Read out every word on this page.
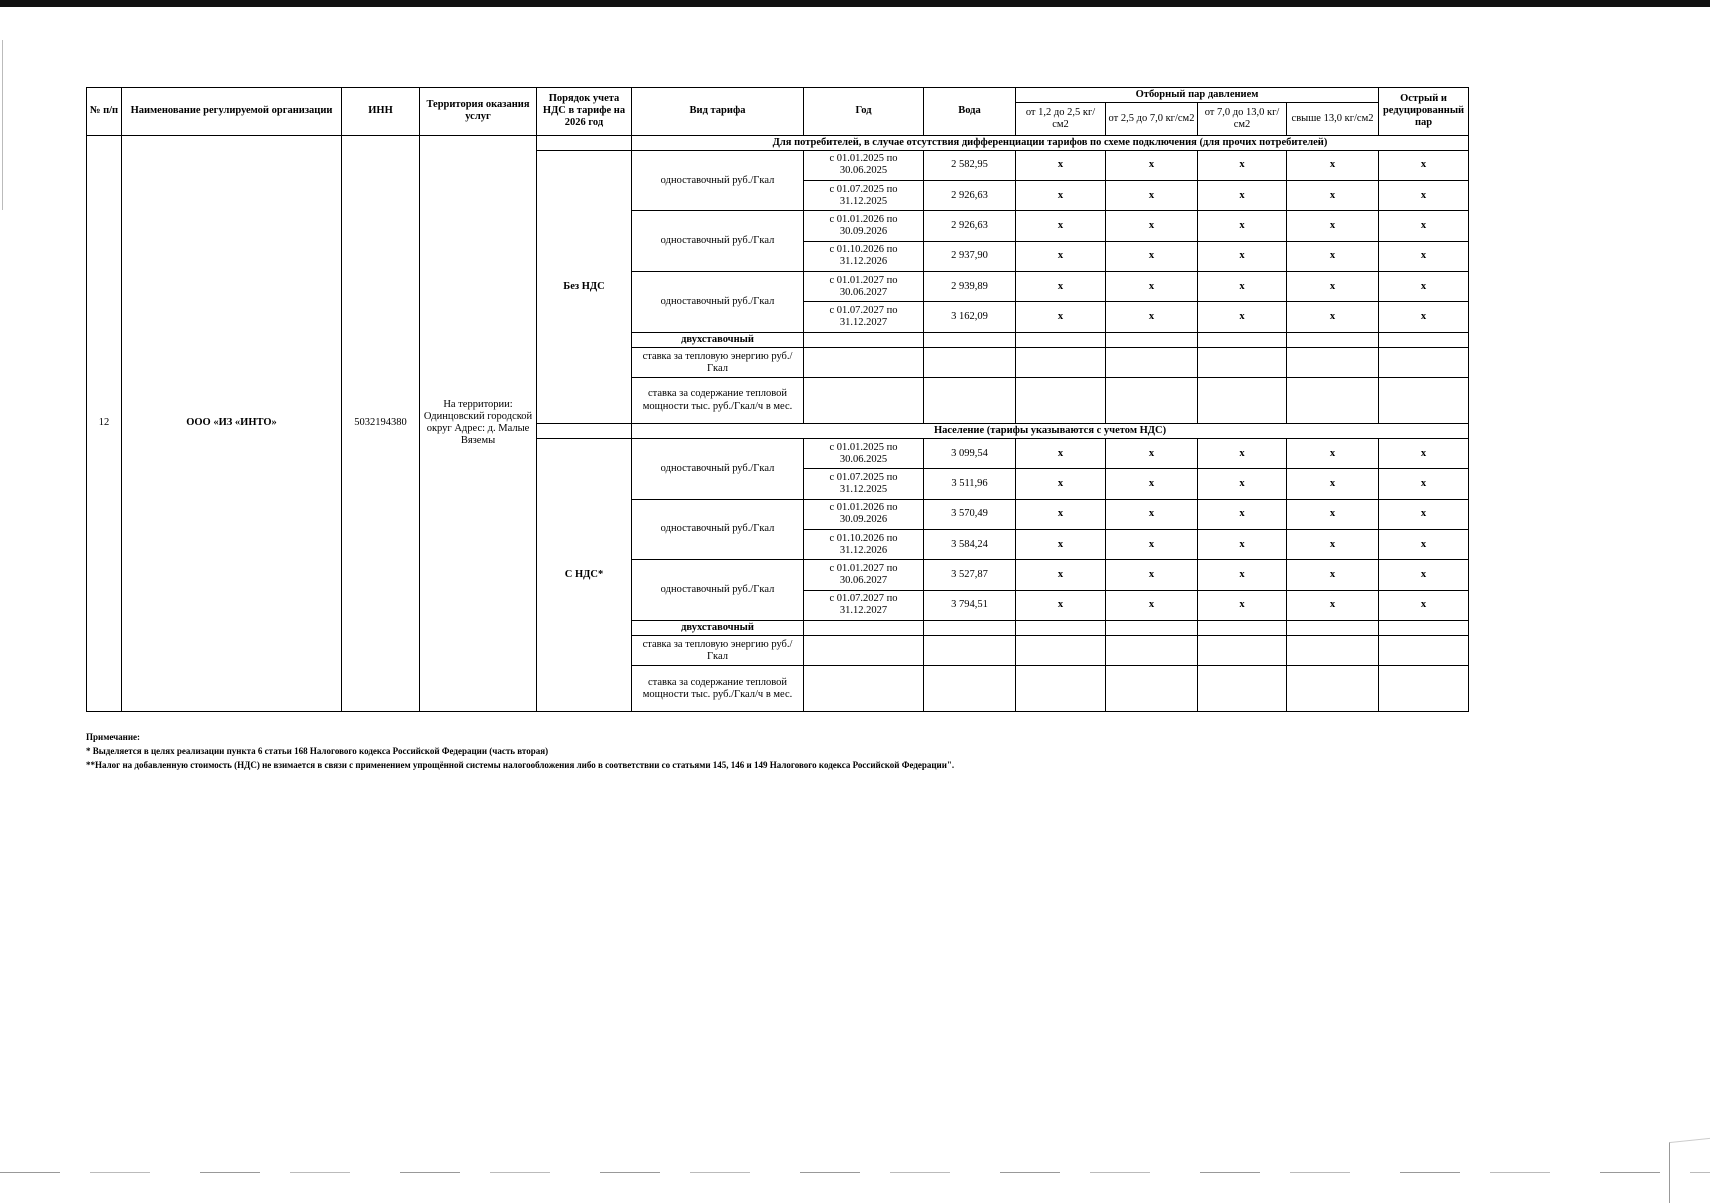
№ п/п	Наименование регулируемой организации	ИНН	Территория оказания услуг	Порядок учета НДС в тарифе на 2026 год	Вид тарифа	Год	Вода	Отборный пар давлением				Острый и редуцированный пар
								от 1,2 до 2,5 кг/см2	от 2,5 до 7,0 кг/см2	от 7,0 до 13,0 кг/см2	свыше 13,0 кг/см2	
12	ООО «ИЗ «ИНТО»	5032194380	На территории: Одинцовский городской округ Адрес: д. Малые Вяземы		Для потребителей, в случае отсутствия дифференциации тарифов по схеме подключения (для прочих потребителей)							
				Без НДС	одноставочный руб./Гкал	с 01.01.2025 по 30.06.2025	2 582,95	х	х	х	х	х
						с 01.07.2025 по 31.12.2025	2 926,63	х	х	х	х	х
					одноставочный руб./Гкал	с 01.01.2026 по 30.09.2026	2 926,63	х	х	х	х	х
						с 01.10.2026 по 31.12.2026	2 937,90	х	х	х	х	х
					одноставочный руб./Гкал	с 01.01.2027 по 30.06.2027	2 939,89	х	х	х	х	х
						с 01.07.2027 по 31.12.2027	3 162,09	х	х	х	х	х
					двухставочный							
					ставка за тепловую энергию руб./Гкал							
					ставка за содержание тепловой мощности тыс. руб./Гкал/ч в мес.							
					Население (тарифы указываются с учетом НДС)							
				С НДС*	одноставочный руб./Гкал	с 01.01.2025 по 30.06.2025	3 099,54	х	х	х	х	х
						с 01.07.2025 по 31.12.2025	3 511,96	х	х	х	х	х
					одноставочный руб./Гкал	с 01.01.2026 по 30.09.2026	3 570,49	х	х	х	х	х
						с 01.10.2026 по 31.12.2026	3 584,24	х	х	х	х	х
					одноставочный руб./Гкал	с 01.01.2027 по 30.06.2027	3 527,87	х	х	х	х	х
						с 01.07.2027 по 31.12.2027	3 794,51	х	х	х	х	х
					двухставочный							
					ставка за тепловую энергию руб./Гкал							
					ставка за содержание тепловой мощности тыс. руб./Гкал/ч в мес.							
Примечание:
* Выделяется в целях реализации пункта 6 статьи 168 Налогового кодекса Российской Федерации (часть вторая)
**Налог на добавленную стоимость (НДС) не взимается в связи с применением упрощённой системы налогообложения либо в соответствии со статьями 145, 146 и 149 Налогового кодекса Российской Федерации".
